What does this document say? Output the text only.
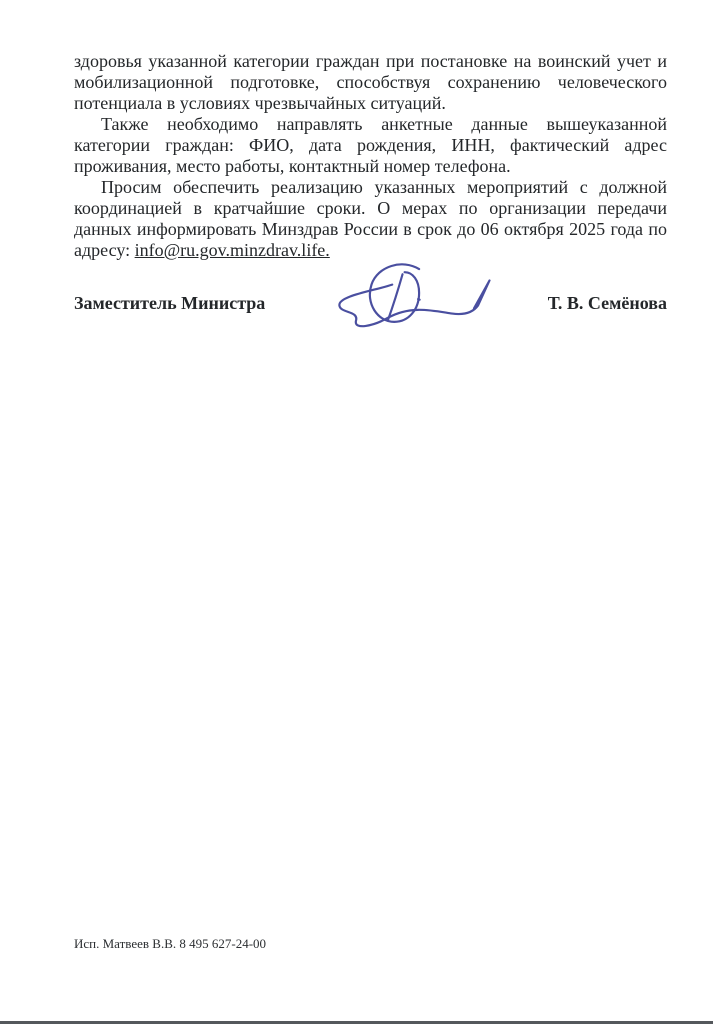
здоровья указанной категории граждан при постановке на воинский учет и мобилизационной подготовке, способствуя сохранению человеческого потенциала в условиях чрезвычайных ситуаций.

Также необходимо направлять анкетные данные вышеуказанной категории граждан: ФИО, дата рождения, ИНН, фактический адрес проживания, место работы, контактный номер телефона.

Просим обеспечить реализацию указанных мероприятий с должной координацией в кратчайшие сроки. О мерах по организации передачи данных информировать Минздрав России в срок до 06 октября 2025 года по адресу: info@ru.gov.minzdrav.life.

Заместитель Министра	Т. В. Семёнова
Исп. Матвеев В.В. 8 495 627-24-00
